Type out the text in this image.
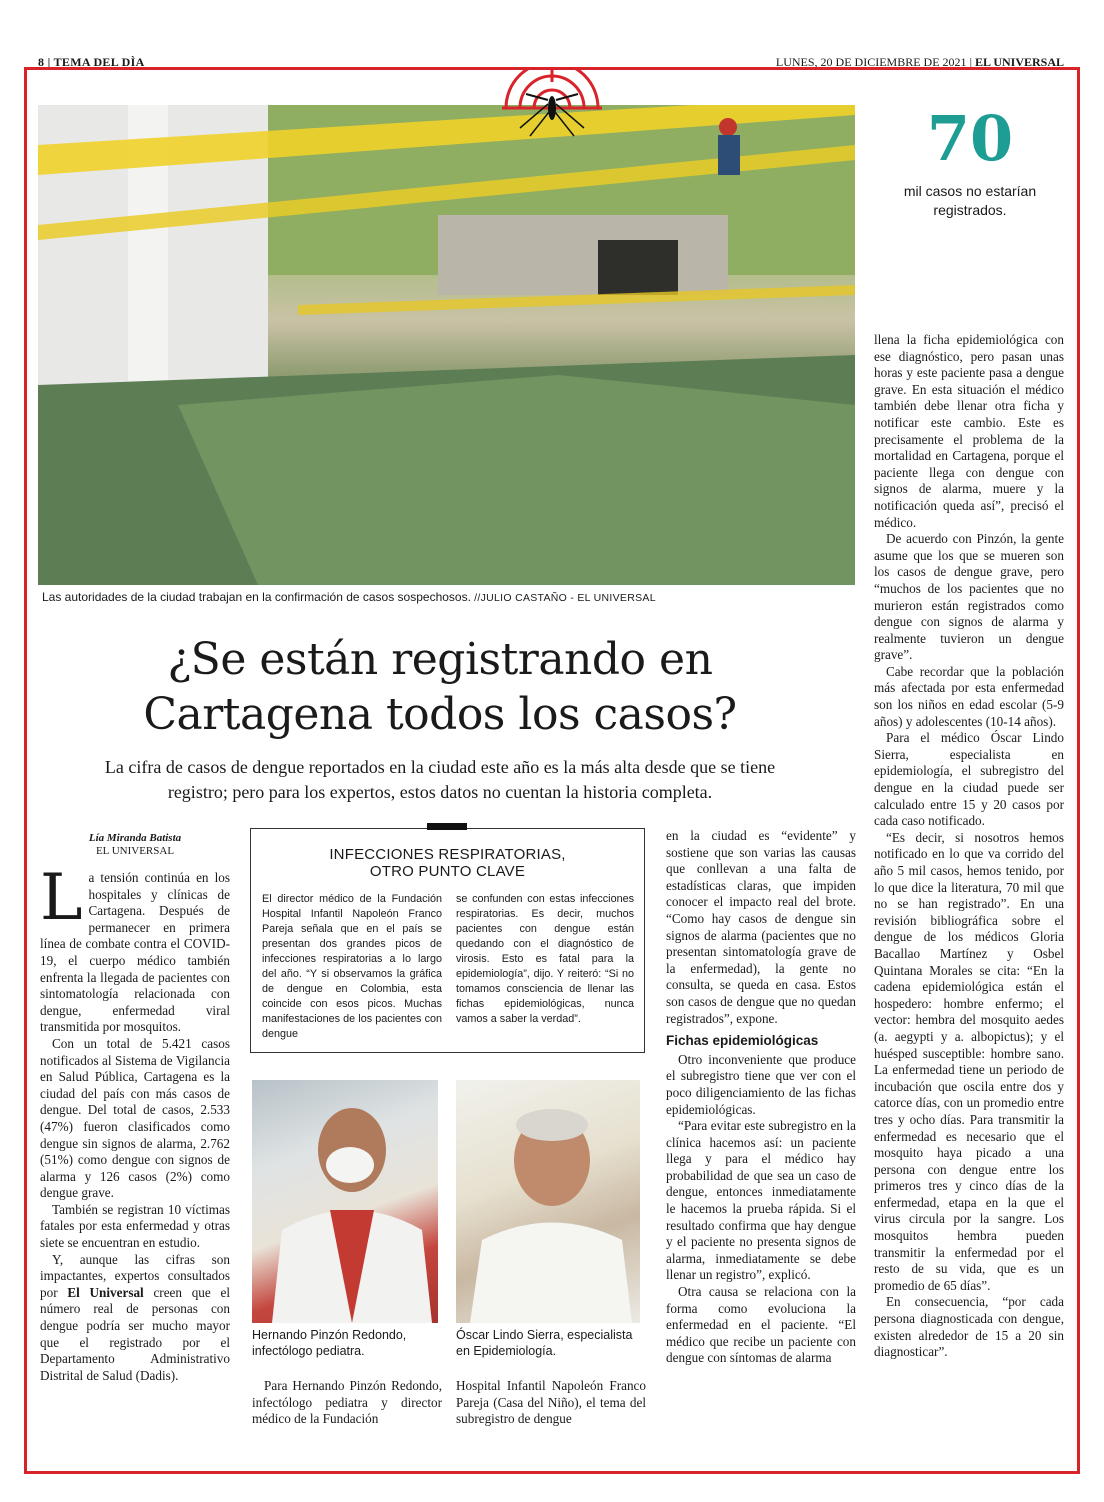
8 | TEMA DEL DÌA	LUNES, 20 DE DICIEMBRE DE 2021 | EL UNIVERSAL
Las autoridades de la ciudad trabajan en la confirmación de casos sospechosos. //JULIO CASTAÑO - EL UNIVERSAL
70
mil casos no estarían
registrados.
¿Se están registrando en
Cartagena todos los casos?
La cifra de casos de dengue reportados en la ciudad este año es la más alta desde que se tiene
registro; pero para los expertos, estos datos no cuentan la historia completa.
Lía Miranda Batista
EL UNIVERSAL

La tensión continúa en los hospitales y clínicas de Cartagena. Después de permanecer en primera línea de combate contra el COVID-19, el cuerpo médico también enfrenta la llegada de pacientes con sintomatología relacionada con dengue, enfermedad viral transmitida por mosquitos.

Con un total de 5.421 casos notificados al Sistema de Vigilancia en Salud Pública, Cartagena es la ciudad del país con más casos de dengue. Del total de casos, 2.533 (47%) fueron clasificados como dengue sin signos de alarma, 2.762 (51%) como dengue con signos de alarma y 126 casos (2%) como dengue grave.

También se registran 10 víctimas fatales por esta enfermedad y otras siete se encuentran en estudio.

Y, aunque las cifras son impactantes, expertos consultados por El Universal creen que el número real de personas con dengue podría ser mucho mayor que el registrado por el Departamento Administrativo Distrital de Salud (Dadis).

INFECCIONES RESPIRATORIAS,
OTRO PUNTO CLAVE
El director médico de la Fundación Hospital Infantil Napoleón Franco Pareja señala que en el país se presentan dos grandes picos de infecciones respiratorias a lo largo del año. “Y si observamos la gráfica de dengue en Colombia, esta coincide con esos picos. Muchas manifestaciones de los pacientes con dengue
se confunden con estas infecciones respiratorias. Es decir, muchos pacientes con dengue están quedando con el diagnóstico de virosis. Esto es fatal para la epidemiología”, dijo. Y reiteró: “Si no tomamos consciencia de llenar las fichas epidemiológicas, nunca vamos a saber la verdad”.
Hernando Pinzón Redondo, infectólogo pediatra.
Óscar Lindo Sierra, especialista en Epidemiología.

Para Hernando Pinzón Redondo, infectólogo pediatra y director médico de la Fundación

Hospital Infantil Napoleón Franco Pareja (Casa del Niño), el tema del subregistro de dengue

en la ciudad es “evidente” y sostiene que son varias las causas que conllevan a una falta de estadísticas claras, que impiden conocer el impacto real del brote. “Como hay casos de dengue sin signos de alarma (pacientes que no presentan sintomatología grave de la enfermedad), la gente no consulta, se queda en casa. Estos son casos de dengue que no quedan registrados”, expone.

Fichas epidemiológicas

Otro inconveniente que produce el subregistro tiene que ver con el poco diligenciamiento de las fichas epidemiológicas.

“Para evitar este subregistro en la clínica hacemos así: un paciente llega y para el médico hay probabilidad de que sea un caso de dengue, entonces inmediatamente le hacemos la prueba rápida. Si el resultado confirma que hay dengue y el paciente no presenta signos de alarma, inmediatamente se debe llenar un registro”, explicó.

Otra causa se relaciona con la forma como evoluciona la enfermedad en el paciente. “El médico que recibe un paciente con dengue con síntomas de alarma

llena la ficha epidemiológica con ese diagnóstico, pero pasan unas horas y este paciente pasa a dengue grave. En esta situación el médico también debe llenar otra ficha y notificar este cambio. Este es precisamente el problema de la mortalidad en Cartagena, porque el paciente llega con dengue con signos de alarma, muere y la notificación queda así”, precisó el médico.

De acuerdo con Pinzón, la gente asume que los que se mueren son los casos de dengue grave, pero “muchos de los pacientes que no murieron están registrados como dengue con signos de alarma y realmente tuvieron un dengue grave”.

Cabe recordar que la población más afectada por esta enfermedad son los niños en edad escolar (5-9 años) y adolescentes (10-14 años).

Para el médico Óscar Lindo Sierra, especialista en epidemiología, el subregistro del dengue en la ciudad puede ser calculado entre 15 y 20 casos por cada caso notificado.

“Es decir, si nosotros hemos notificado en lo que va corrido del año 5 mil casos, hemos tenido, por lo que dice la literatura, 70 mil que no se han registrado”. En una revisión bibliográfica sobre el dengue de los médicos Gloria Bacallao Martínez y Osbel Quintana Morales se cita: “En la cadena epidemiológica están el hospedero: hombre enfermo; el vector: hembra del mosquito aedes (a. aegypti y a. albopictus); y el huésped susceptible: hombre sano. La enfermedad tiene un periodo de incubación que oscila entre dos y catorce días, con un promedio entre tres y ocho días. Para transmitir la enfermedad es necesario que el mosquito haya picado a una persona con dengue entre los primeros tres y cinco días de la enfermedad, etapa en la que el virus circula por la sangre. Los mosquitos hembra pueden transmitir la enfermedad por el resto de su vida, que es un promedio de 65 días”.

En consecuencia, “por cada persona diagnosticada con dengue, existen alrededor de 15 a 20 sin diagnosticar”.
